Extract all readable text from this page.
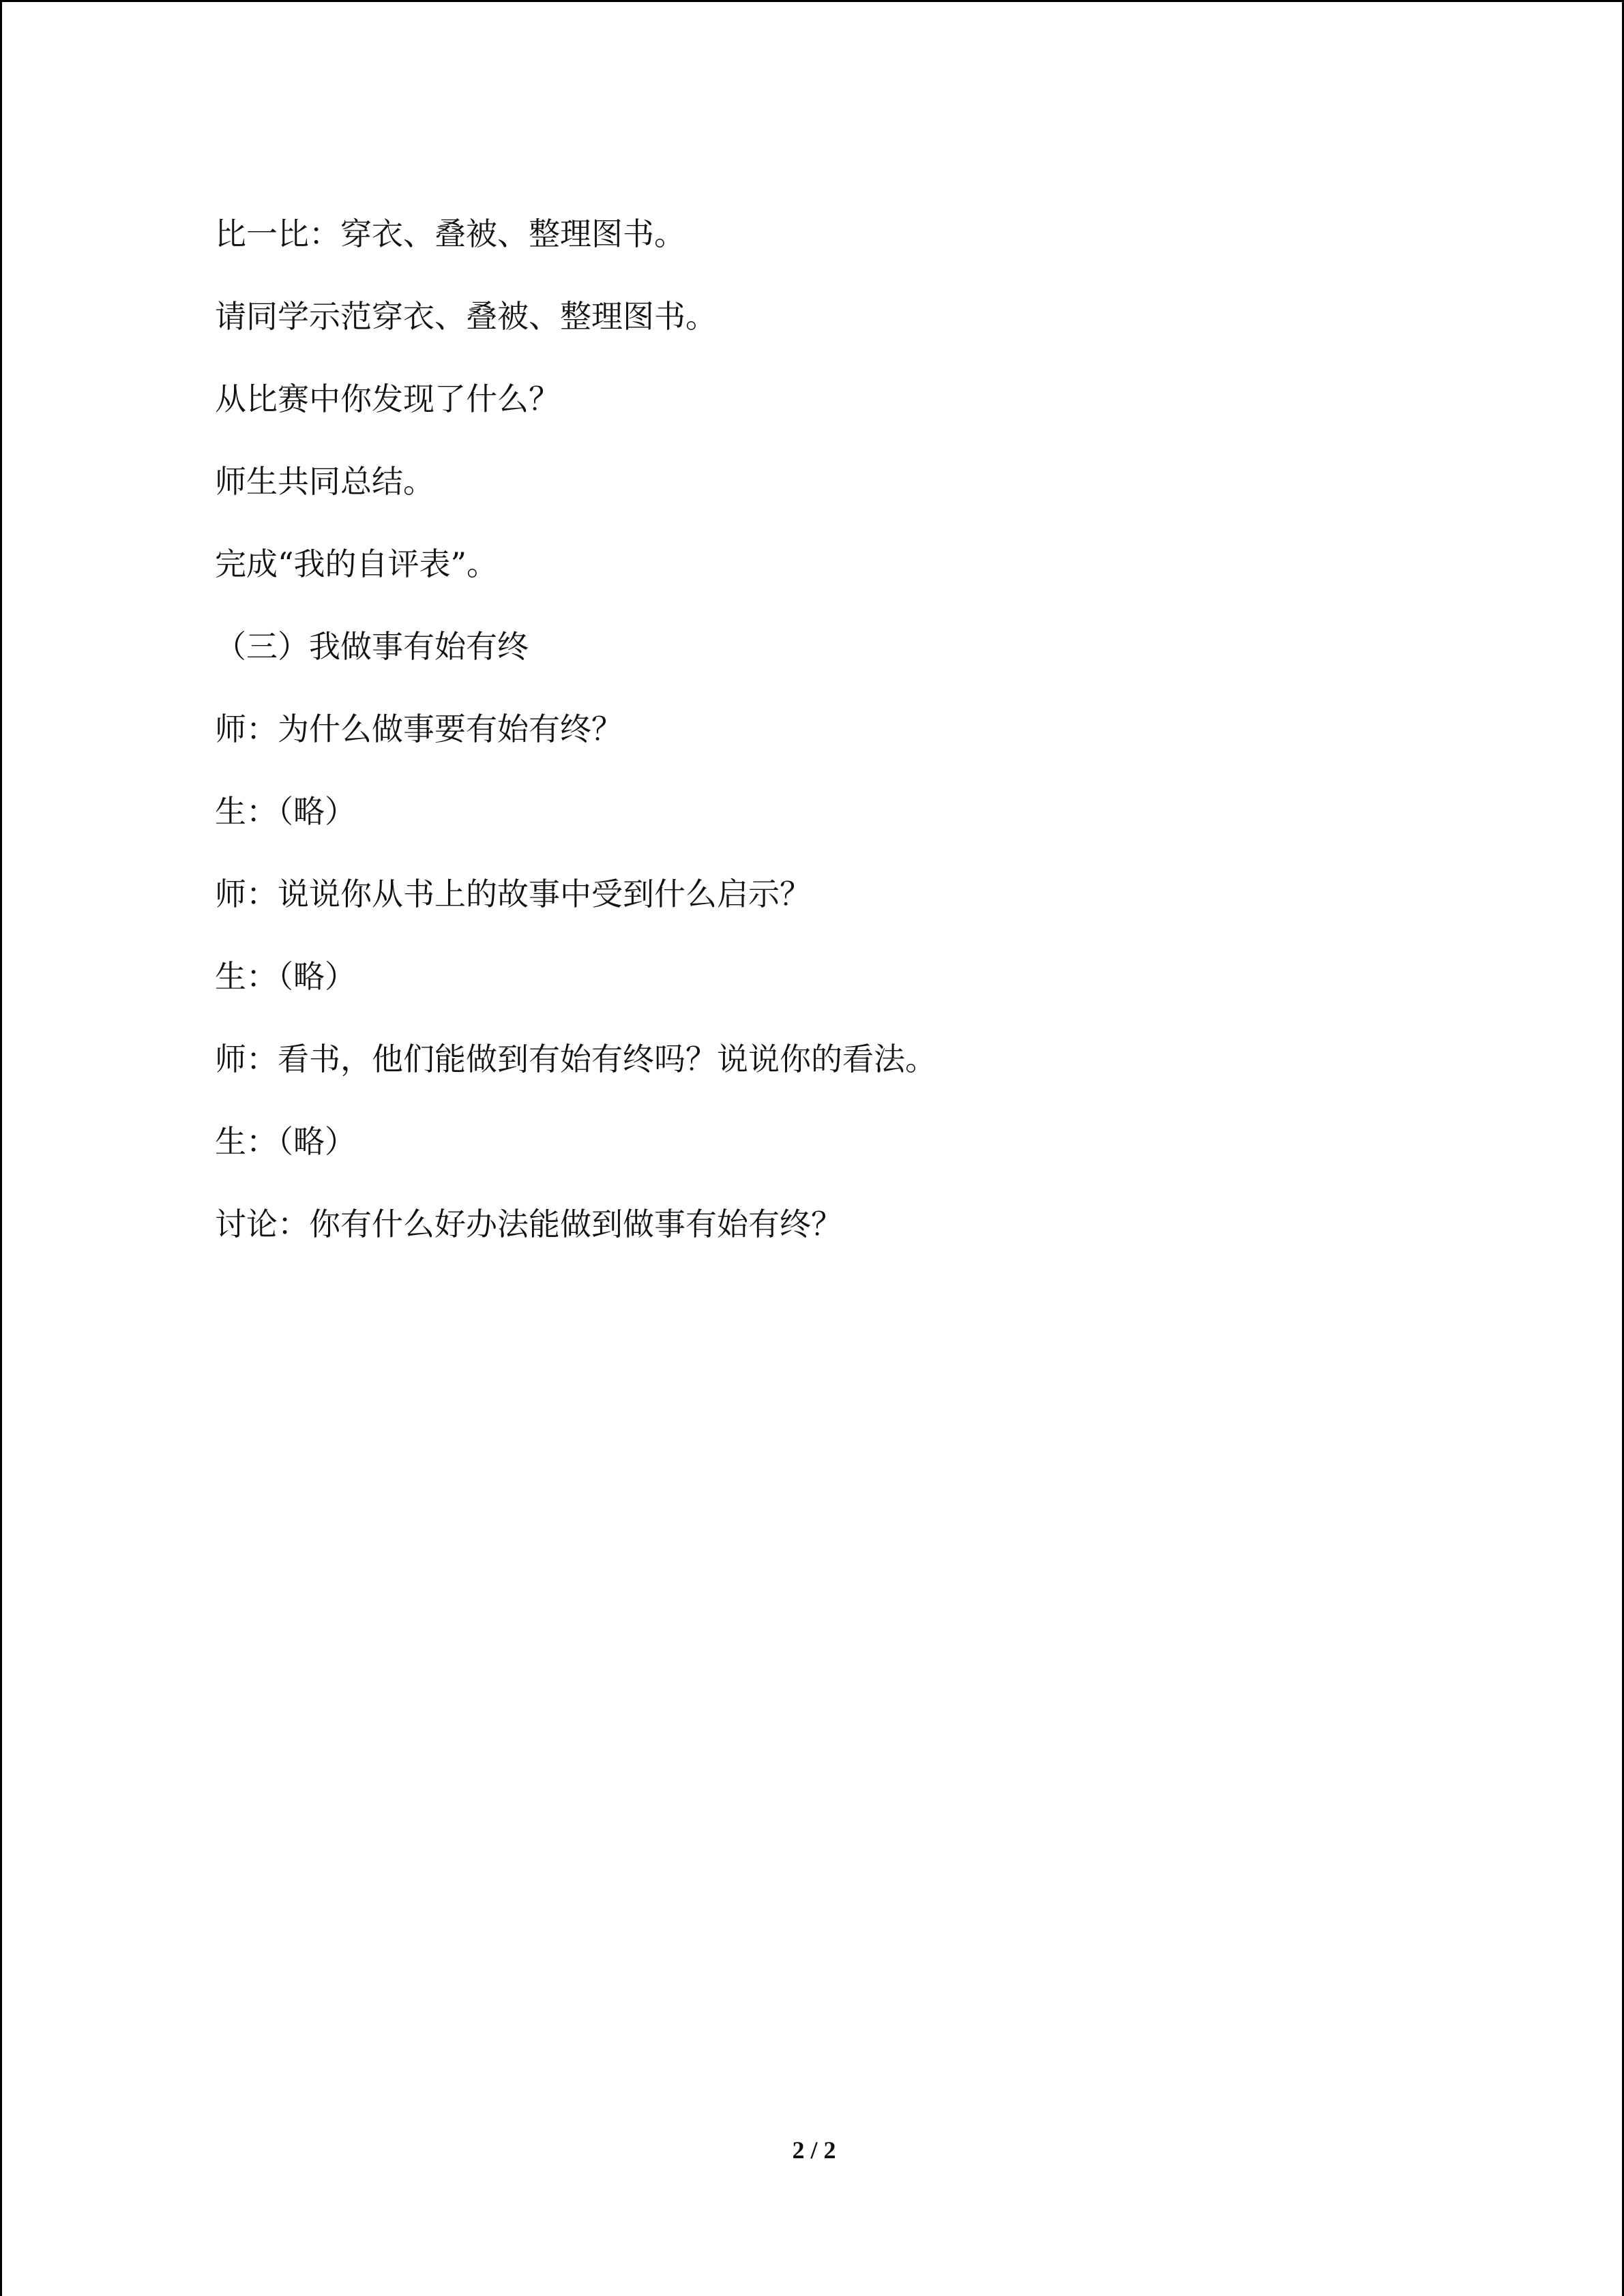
比一比：穿衣、叠被、整理图书。

请同学示范穿衣、叠被、整理图书。

从比赛中你发现了什么？

师生共同总结。

完成“我的自评表”。

（三）我做事有始有终

师：为什么做事要有始有终？

生：（略）

师：说说你从书上的故事中受到什么启示？

生：（略）

师：看书，他们能做到有始有终吗？说说你的看法。

生：（略）

讨论：你有什么好办法能做到做事有始有终？

2 / 2
